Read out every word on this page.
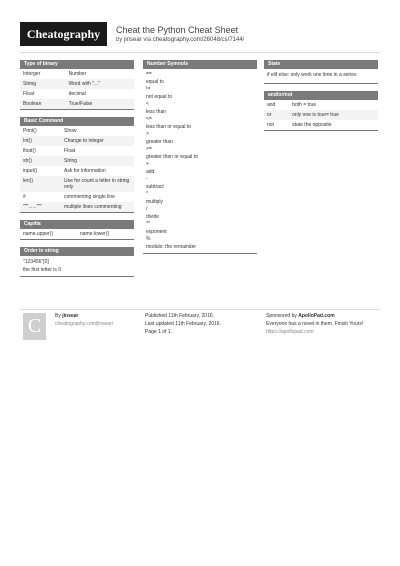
Cheatography	Cheat the Python Cheat Sheet
by jinsear via cheatography.com/26048/cs/7144/
Type of binary
Interger	Number
String	Word with "..."
Float	decimal
Boolean	True/False
Basic Command
Print()	Show
Int()	Change to integer
float()	Float
str()	String
input()	Ask for information
len()	Use for count a letter in string only
#	commenting single line
"""......"""	multiple lines commenting
Capitla
name.upper()	name.lower()
Order in string
"123456"[0]
the first letter is 0
Number Symnols
==
equal to
!=
not equal to
<
less than
<=
less than or equal to
>
greater than
>=
greater than or equal to
+
add
-
subtract
*
multiply
/
divide
**
exponent
%
modulo: the remainder
State
if elif else: only work one time in a series
and/or/not
and	both = true
or	only one is true= true
not	state the opposite
C	By jinsear
cheatography.com/jinsear/
Published 11th February, 2016.
Last updated 11th February, 2016.
Page 1 of 1.
Sponsored by ApolloPad.com
Everyone has a novel in them. Finish Yours!
https://apollopad.com
